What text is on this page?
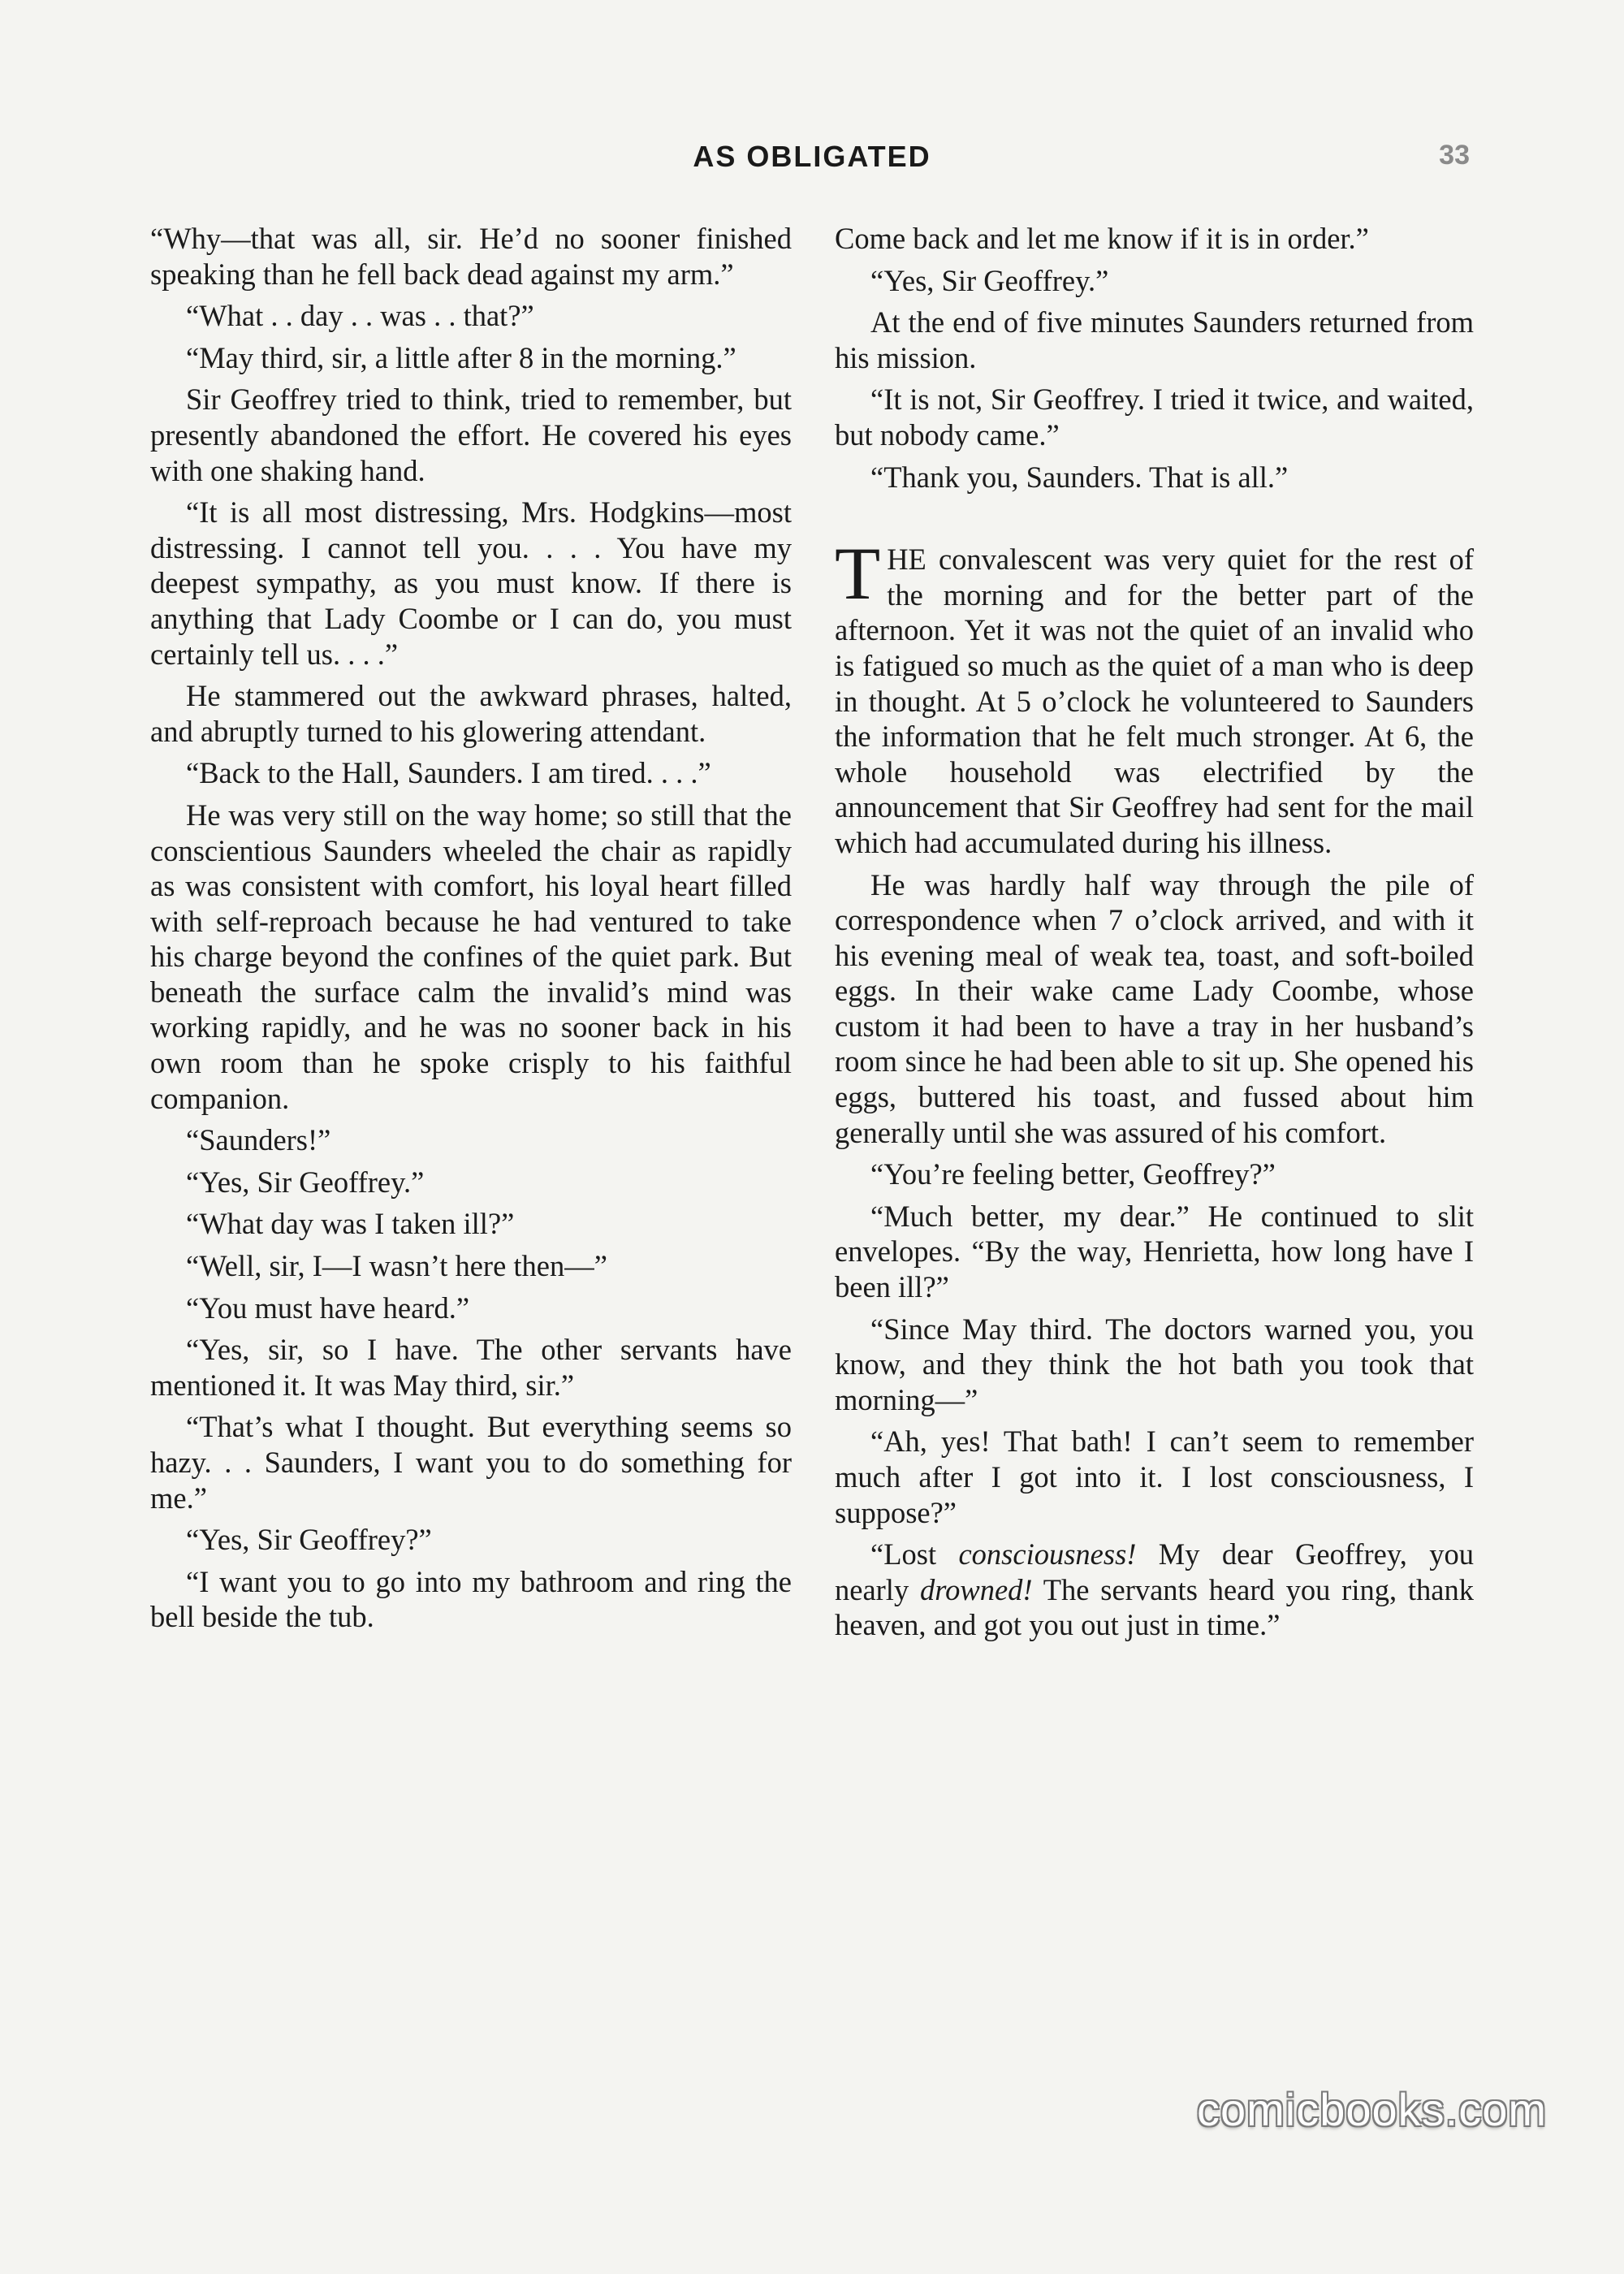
AS OBLIGATED	33

“Why—that was all, sir. He’d no sooner finished speaking than he fell back dead against my arm.”

“What . . day . . was . . that?”

“May third, sir, a little after 8 in the morning.”

Sir Geoffrey tried to think, tried to remember, but presently abandoned the effort. He covered his eyes with one shaking hand.

“It is all most distressing, Mrs. Hodgkins—most distressing. I cannot tell you. . . . You have my deepest sympathy, as you must know. If there is anything that Lady Coombe or I can do, you must certainly tell us. . . .”

He stammered out the awkward phrases, halted, and abruptly turned to his glowering attendant.

“Back to the Hall, Saunders. I am tired. . . .”

He was very still on the way home; so still that the conscientious Saunders wheeled the chair as rapidly as was consistent with comfort, his loyal heart filled with self-reproach because he had ventured to take his charge beyond the confines of the quiet park. But beneath the surface calm the invalid’s mind was working rapidly, and he was no sooner back in his own room than he spoke crisply to his faithful companion.

“Saunders!”

“Yes, Sir Geoffrey.”

“What day was I taken ill?”

“Well, sir, I—I wasn’t here then—”

“You must have heard.”

“Yes, sir, so I have. The other servants have mentioned it. It was May third, sir.”

“That’s what I thought. But everything seems so hazy. . . Saunders, I want you to do something for me.”

“Yes, Sir Geoffrey?”

“I want you to go into my bathroom and ring the bell beside the tub.

Come back and let me know if it is in order.”

“Yes, Sir Geoffrey.”

At the end of five minutes Saunders returned from his mission.

“It is not, Sir Geoffrey. I tried it twice, and waited, but nobody came.”

“Thank you, Saunders. That is all.”

THE convalescent was very quiet for the rest of the morning and for the better part of the afternoon. Yet it was not the quiet of an invalid who is fatigued so much as the quiet of a man who is deep in thought. At 5 o’clock he volunteered to Saunders the information that he felt much stronger. At 6, the whole household was electrified by the announcement that Sir Geoffrey had sent for the mail which had accumulated during his illness.

He was hardly half way through the pile of correspondence when 7 o’clock arrived, and with it his evening meal of weak tea, toast, and soft-boiled eggs. In their wake came Lady Coombe, whose custom it had been to have a tray in her husband’s room since he had been able to sit up. She opened his eggs, buttered his toast, and fussed about him generally until she was assured of his comfort.

“You’re feeling better, Geoffrey?”

“Much better, my dear.” He continued to slit envelopes. “By the way, Henrietta, how long have I been ill?”

“Since May third. The doctors warned you, you know, and they think the hot bath you took that morning—”

“Ah, yes! That bath! I can’t seem to remember much after I got into it. I lost consciousness, I suppose?”

“Lost consciousness! My dear Geoffrey, you nearly drowned! The servants heard you ring, thank heaven, and got you out just in time.”

comicbooks.com
